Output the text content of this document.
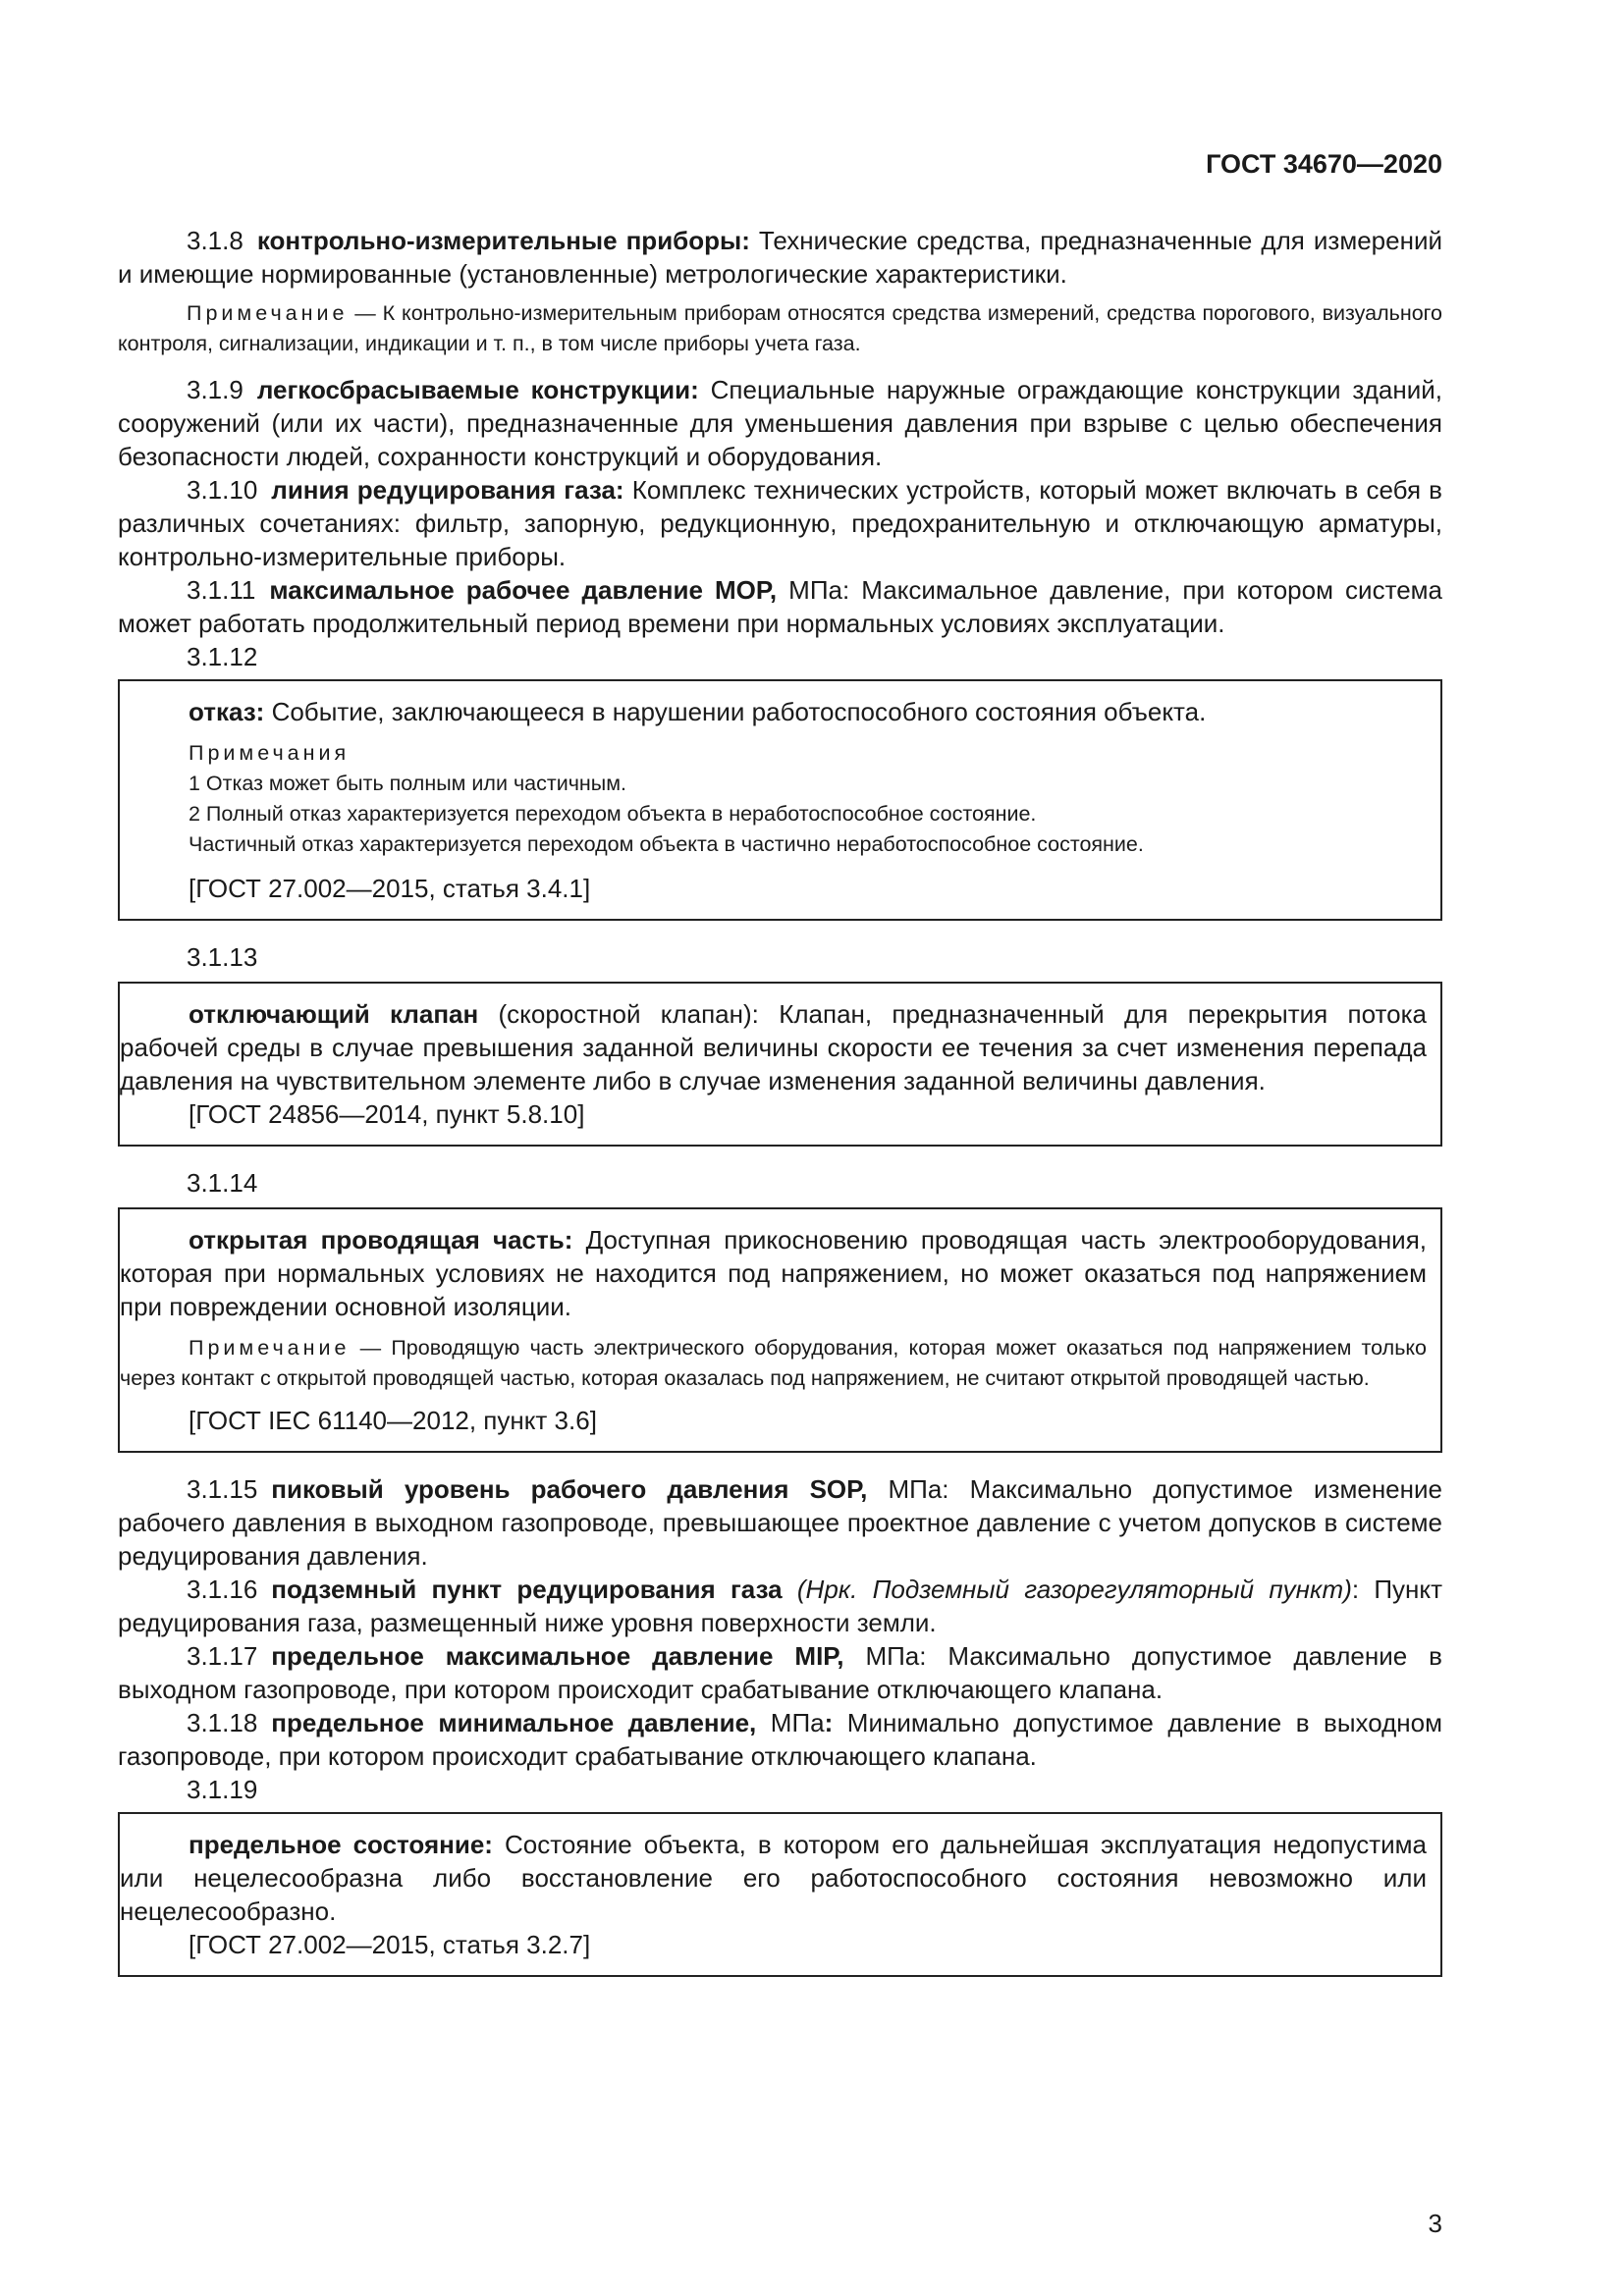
ГОСТ 34670—2020

3.1.8 контрольно-измерительные приборы: Технические средства, предназначенные для измерений и имеющие нормированные (установленные) метрологические характеристики.

Примечание — К контрольно-измерительным приборам относятся средства измерений, средства порогового, визуального контроля, сигнализации, индикации и т. п., в том числе приборы учета газа.

3.1.9 легкосбрасываемые конструкции: Специальные наружные ограждающие конструкции зданий, сооружений (или их части), предназначенные для уменьшения давления при взрыве с целью обеспечения безопасности людей, сохранности конструкций и оборудования.

3.1.10 линия редуцирования газа: Комплекс технических устройств, который может включать в себя в различных сочетаниях: фильтр, запорную, редукционную, предохранительную и отключающую арматуры, контрольно-измерительные приборы.

3.1.11 максимальное рабочее давление MOP, МПа: Максимальное давление, при котором система может работать продолжительный период времени при нормальных условиях эксплуатации.

3.1.12

отказ: Событие, заключающееся в нарушении работоспособного состояния объекта.

Примечания

1 Отказ может быть полным или частичным.

2 Полный отказ характеризуется переходом объекта в неработоспособное состояние.

Частичный отказ характеризуется переходом объекта в частично неработоспособное состояние.

[ГОСТ 27.002—2015, статья 3.4.1]

3.1.13

отключающий клапан (скоростной клапан): Клапан, предназначенный для перекрытия потока рабочей среды в случае превышения заданной величины скорости ее течения за счет изменения перепада давления на чувствительном элементе либо в случае изменения заданной величины давления.

[ГОСТ 24856—2014, пункт 5.8.10]

3.1.14

открытая проводящая часть: Доступная прикосновению проводящая часть электрооборудования, которая при нормальных условиях не находится под напряжением, но может оказаться под напряжением при повреждении основной изоляции.

Примечание — Проводящую часть электрического оборудования, которая может оказаться под напряжением только через контакт с открытой проводящей частью, которая оказалась под напряжением, не считают открытой проводящей частью.

[ГОСТ IEC 61140—2012, пункт 3.6]

3.1.15 пиковый уровень рабочего давления SOP, МПа: Максимально допустимое изменение рабочего давления в выходном газопроводе, превышающее проектное давление с учетом допусков в системе редуцирования давления.

3.1.16 подземный пункт редуцирования газа (Нрк. Подземный газорегуляторный пункт): Пункт редуцирования газа, размещенный ниже уровня поверхности земли.

3.1.17 предельное максимальное давление MIP, МПа: Максимально допустимое давление в выходном газопроводе, при котором происходит срабатывание отключающего клапана.

3.1.18 предельное минимальное давление, МПа: Минимально допустимое давление в выходном газопроводе, при котором происходит срабатывание отключающего клапана.

3.1.19

предельное состояние: Состояние объекта, в котором его дальнейшая эксплуатация недопустима или нецелесообразна либо восстановление его работоспособного состояния невозможно или нецелесообразно.

[ГОСТ 27.002—2015, статья 3.2.7]

3
